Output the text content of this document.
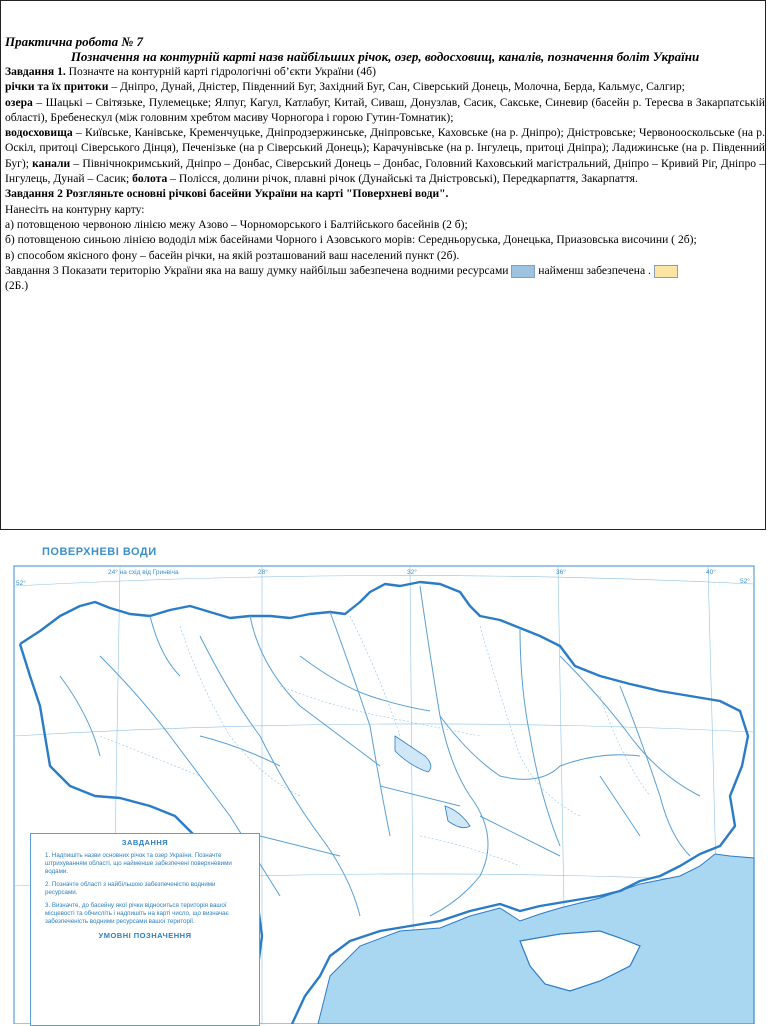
Практична робота № 7

Позначення на контурній карті назв найбільших річок, озер, водосховищ, каналів, позначення боліт України

Завдання 1. Позначте на контурній карті гідрологічні об’єкти України (4б)

річки та їх притоки – Дніпро, Дунай, Дністер, Південний Буг, Західний Буг, Сан, Сіверський Донець, Молочна, Берда, Кальмус, Салгир;

озера – Шацькі – Світязьке, Пулемецьке; Ялпуг, Кагул, Катлабуг, Китай, Сиваш, Донузлав, Сасик, Сакське, Синевир (басейн р. Тересва в Закарпатській області), Бребенескул (між головним хребтом масиву Чорногора і горою Гутин-Томнатик);

водосховища – Київське, Канівське, Кременчуцьке, Дніпродзержинське, Дніпровське, Каховське (на р. Дніпро); Дністровське; Червонооскольське (на р. Оскіл, притоці Сіверського Дінця), Печенізьке (на р Сіверський Донець); Карачунівське (на р. Інгулець, притоці Дніпра); Ладижинське (на р. Південний Буг); канали – Північнокримський, Дніпро – Донбас, Сіверський Донець – Донбас, Головний Каховський магістральний, Дніпро – Кривий Ріг, Дніпро – Інгулець, Дунай – Сасик; болота – Полісся, долини річок, плавні річок (Дунайські та Дністровські), Передкарпаття, Закарпаття.

Завдання 2 Розгляньте основні річкові басейни України на карті "Поверхневі води".

Нанесіть на контурну карту:

а) потовщеною червоною лінією межу Азово – Чорноморського і Балтійського басейнів (2 б);

б) потовщеною синьою лінією вододіл між басейнами Чорного і Азовського морів: Середньоруська, Донецька, Приазовська височини ( 2б);

в) способом якісного фону – басейн річки, на якій розташований ваш населений пункт (2б).

Завдання 3 Показати територію України яка на вашу думку найбільш забезпечена водними ресурсами  найменш забезпечена .

(2Б.)

ПОВЕРХНЕВІ ВОДИ
24° на схід від Гринвіча	28°	32°	36°	40°
52°	52°
ЗАВДАННЯ
1. Надпишіть назви основних річок та озер України. Позначте штрихуванням області, що найменше забезпечені поверхневими водами.
2. Позначте області з найбільшою забезпеченістю водними ресурсами.
3. Визначте, до басейну якої річки відноситься територія вашої місцевості та обчисліть і надпишіть на карті число, що визначає забезпеченість водними ресурсами вашої території.
УМОВНІ ПОЗНАЧЕННЯ
